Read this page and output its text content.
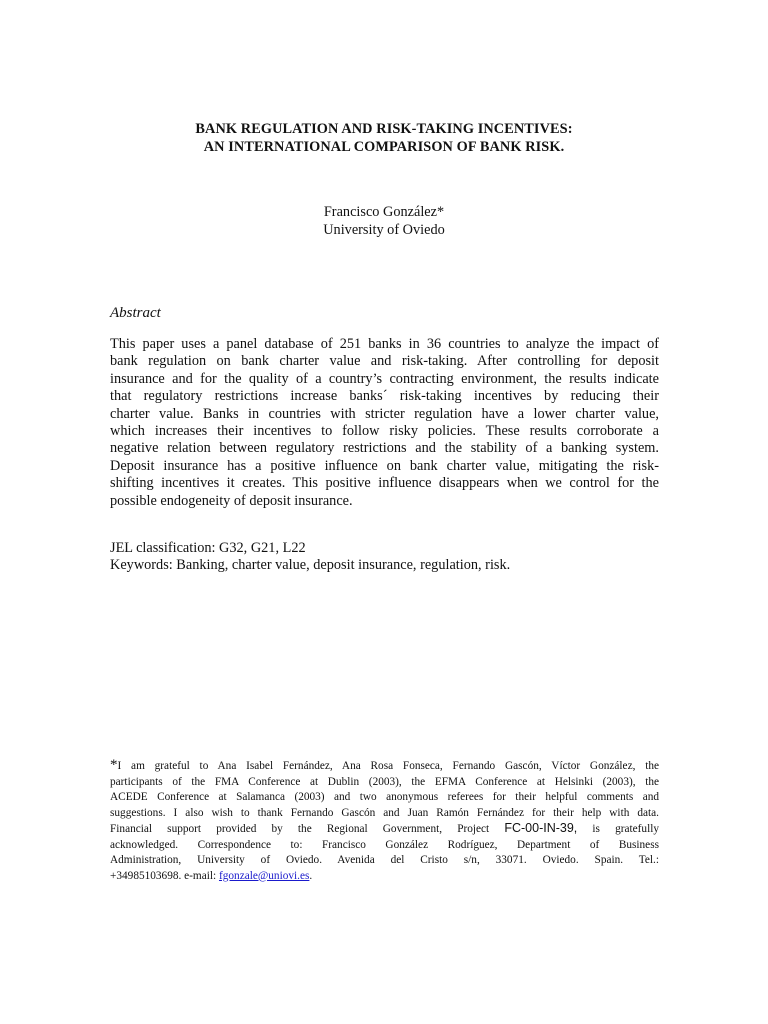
BANK REGULATION AND RISK-TAKING INCENTIVES:
AN INTERNATIONAL COMPARISON OF BANK RISK.
Francisco González*
University of Oviedo
Abstract
This paper uses a panel database of 251 banks in 36 countries to analyze the impact of
bank regulation on bank charter value and risk-taking. After controlling for deposit
insurance and for the quality of a country’s contracting environment, the results indicate
that regulatory restrictions increase banks´ risk-taking incentives by reducing their
charter value. Banks in countries with stricter regulation have a lower charter value,
which increases their incentives to follow risky policies. These results corroborate a
negative relation between regulatory restrictions and the stability of a banking system.
Deposit insurance has a positive influence on bank charter value, mitigating the risk-
shifting incentives it creates. This positive influence disappears when we control for the
possible endogeneity of deposit insurance.
JEL classification: G32, G21, L22
Keywords: Banking, charter value, deposit insurance, regulation, risk.
*I am grateful to Ana Isabel Fernández, Ana Rosa Fonseca, Fernando Gascón, Víctor González, the
participants of the FMA Conference at Dublin (2003), the EFMA Conference at Helsinki (2003), the
ACEDE Conference at Salamanca (2003) and two anonymous referees for their helpful comments and
suggestions. I also wish to thank Fernando Gascón and Juan Ramón Fernández for their help with data.
Financial support provided by the Regional Government, Project FC-00-IN-39, is gratefully
acknowledged. Correspondence to: Francisco González Rodríguez, Department of Business
Administration, University of Oviedo. Avenida del Cristo s/n, 33071. Oviedo. Spain. Tel.:
+34985103698. e-mail: fgonzale@uniovi.es.
